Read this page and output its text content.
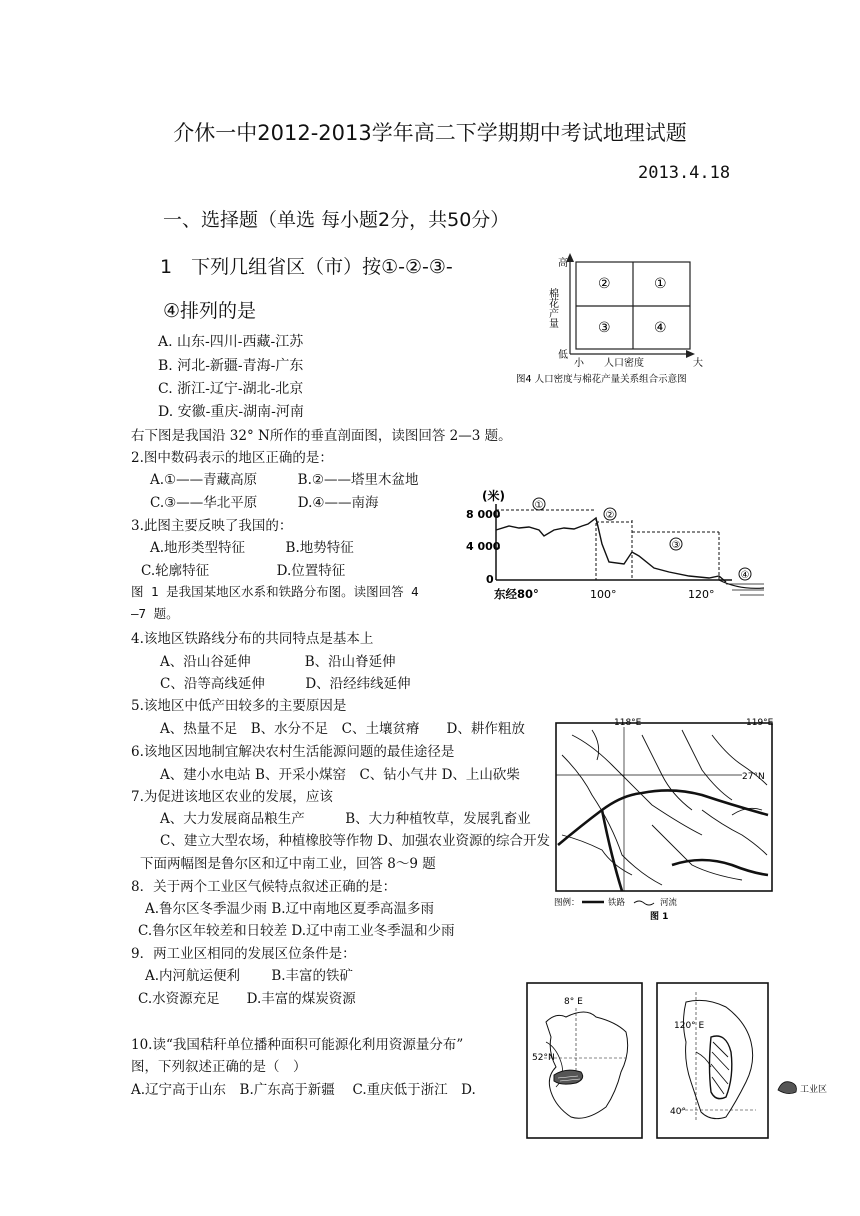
介休一中2012-2013学年高二下学期期中考试地理试题
2013.4.18
一、选择题（单选 每小题2分，共50分）
1　下列几组省区（市）按①-②-③-
④排列的是
A. 山东-四川-西藏-江苏
B. 河北-新疆-青海-广东
C. 浙江-辽宁-湖北-北京
D. 安徽-重庆-湖南-河南
②	①
③	④
高
低
棉花产量
小 人口密度	大
图4 人口密度与棉花产量关系组合示意图
右下图是我国沿 32° N所作的垂直剖面图，读图回答 2—3 题。
2.图中数码表示的地区正确的是：
A.①——青藏高原　　　B.②——塔里木盆地
C.③——华北平原　　　D.④——南海
3.此图主要反映了我国的：
A.地形类型特征　　　B.地势特征
C.轮廓特征　　　　　D.位置特征
(米)
8 000
4 000
0
①
②
③
④
东经80°	100°	120°
图 1 是我国某地区水系和铁路分布图。读图回答 4
—7 题。
4.该地区铁路线分布的共同特点是基本上
A、沿山谷延伸　　　　B、沿山脊延伸
C、沿等高线延伸　　　D、沿经纬线延伸
5.该地区中低产田较多的主要原因是
A、热量不足　B、水分不足　C、土壤贫瘠　　D、耕作粗放
6.该地区因地制宜解决农村生活能源问题的最佳途径是
A、建小水电站 B、开采小煤窑　C、钻小气井 D、上山砍柴
7.为促进该地区农业的发展，应该
A、大力发展商品粮生产　　　B、大力种植牧草，发展乳畜业
C、建立大型农场，种植橡胶等作物 D、加强农业资源的综合开发
118°E	119°E
27°N
图例：	铁路	河流
图 1
下面两幅图是鲁尔区和辽中南工业，回答 8～9 题
8．关于两个工业区气候特点叙述正确的是：
A.鲁尔区冬季温少雨 B.辽中南地区夏季高温多雨
C.鲁尔区年较差和日较差 D.辽中南工业冬季温和少雨
9．两工业区相同的发展区位条件是：
A.内河航运便利　　 B.丰富的铁矿
C.水资源充足　　D.丰富的煤炭资源
10.读“我国秸秆单位播种面积可能源化利用资源量分布”
图，下列叙述正确的是（　）
A.辽宁高于山东　B.广东高于新疆　 C.重庆低于浙江　D.
8° E
52°N
120° E
40°
工业区
